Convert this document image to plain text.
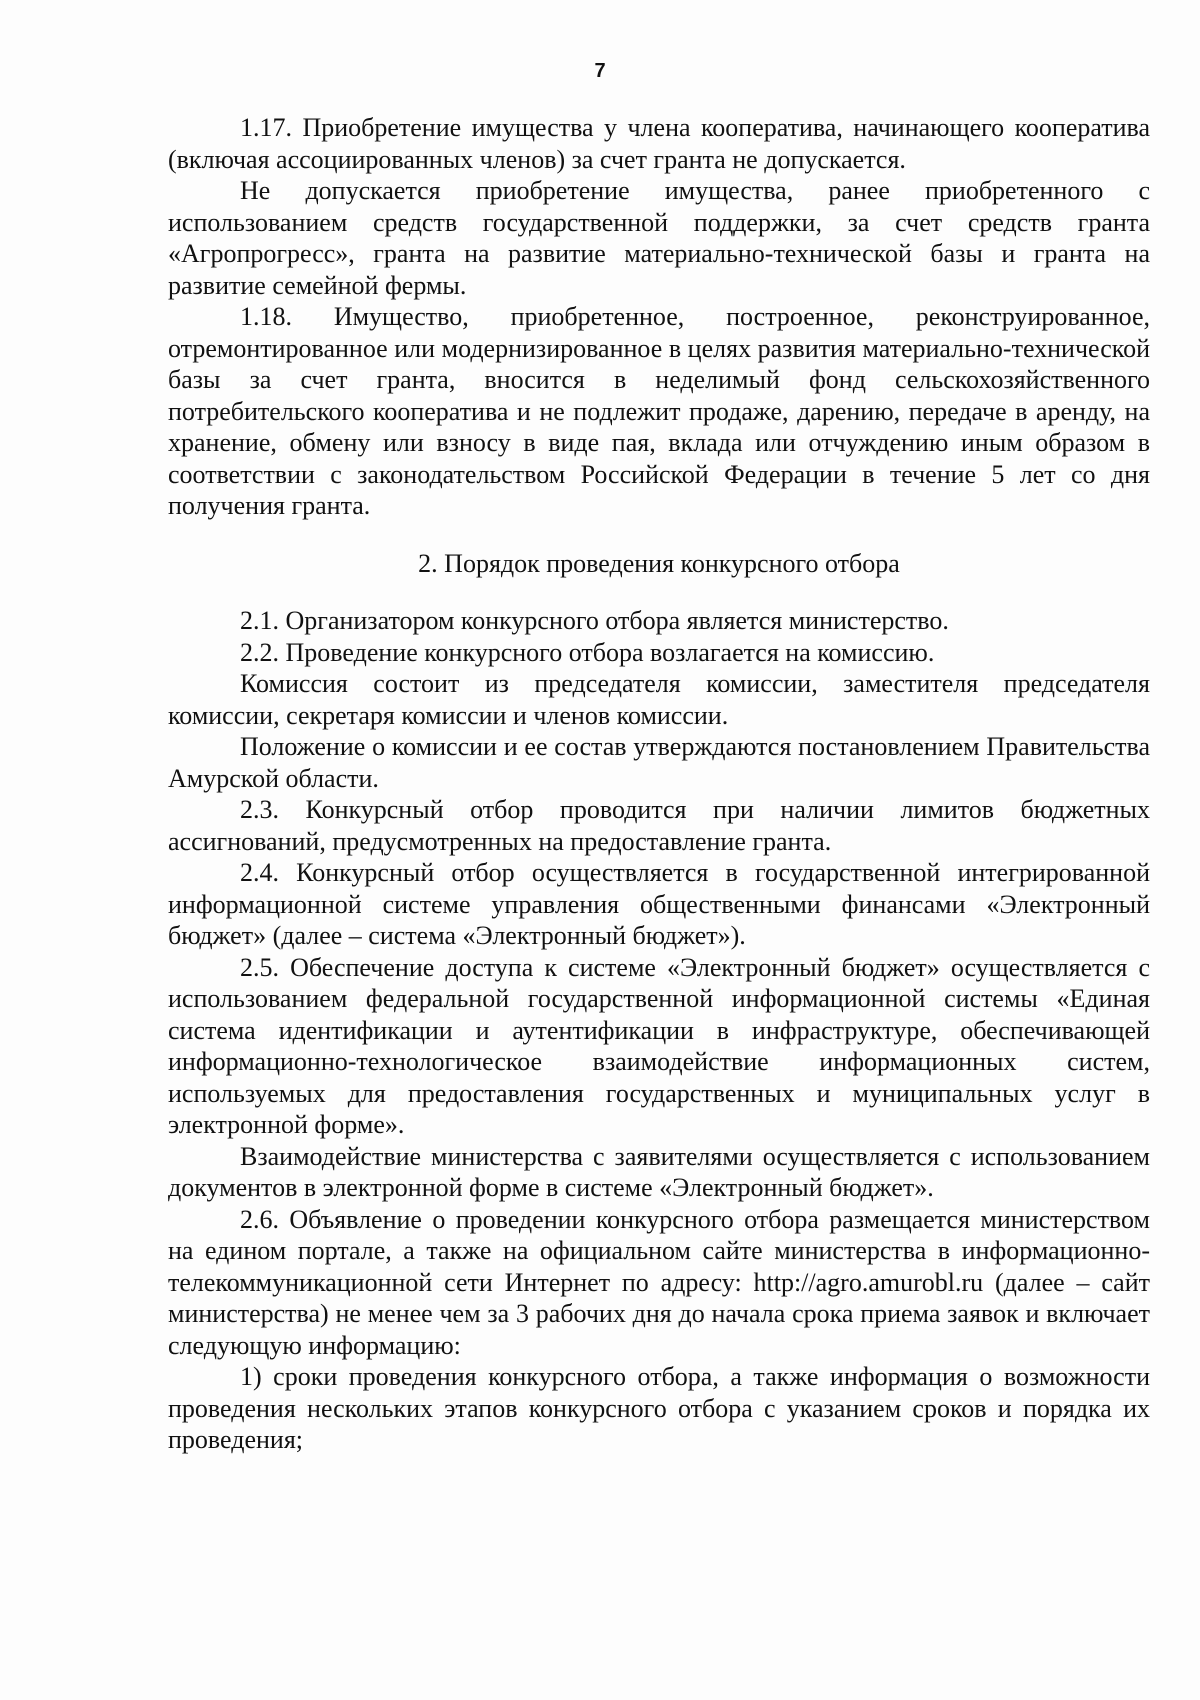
7

1.17. Приобретение имущества у члена кооператива, начинающего кооператива (включая ассоциированных членов) за счет гранта не допускается.

Не допускается приобретение имущества, ранее приобретенного с использованием средств государственной поддержки, за счет средств гранта «Агропрогресс», гранта на развитие материально-технической базы и гранта на развитие семейной фермы.

1.18. Имущество, приобретенное, построенное, реконструированное, отремонтированное или модернизированное в целях развития материально-технической базы за счет гранта, вносится в неделимый фонд сельскохозяйственного потребительского кооператива и не подлежит продаже, дарению, передаче в аренду, на хранение, обмену или взносу в виде пая, вклада или отчуждению иным образом в соответствии с законодательством Российской Федерации в течение 5 лет со дня получения гранта.

2. Порядок проведения конкурсного отбора

2.1. Организатором конкурсного отбора является министерство.

2.2. Проведение конкурсного отбора возлагается на комиссию.

Комиссия состоит из председателя комиссии, заместителя председателя комиссии, секретаря комиссии и членов комиссии.

Положение о комиссии и ее состав утверждаются постановлением Правительства Амурской области.

2.3. Конкурсный отбор проводится при наличии лимитов бюджетных ассигнований, предусмотренных на предоставление гранта.

2.4. Конкурсный отбор осуществляется в государственной интегрированной информационной системе управления общественными финансами «Электронный бюджет» (далее – система «Электронный бюджет»).

2.5. Обеспечение доступа к системе «Электронный бюджет» осуществляется с использованием федеральной государственной информационной системы «Единая система идентификации и аутентификации в инфраструктуре, обеспечивающей информационно-технологическое взаимодействие информационных систем, используемых для предоставления государственных и муниципальных услуг в электронной форме».

Взаимодействие министерства с заявителями осуществляется с использованием документов в электронной форме в системе «Электронный бюджет».

2.6. Объявление о проведении конкурсного отбора размещается министерством на едином портале, а также на официальном сайте министерства в информационно-телекоммуникационной сети Интернет по адресу: http://agro.amurobl.ru (далее – сайт министерства) не менее чем за 3 рабочих дня до начала срока приема заявок и включает следующую информацию:

1) сроки проведения конкурсного отбора, а также информация о возможности проведения нескольких этапов конкурсного отбора с указанием сроков и порядка их проведения;
